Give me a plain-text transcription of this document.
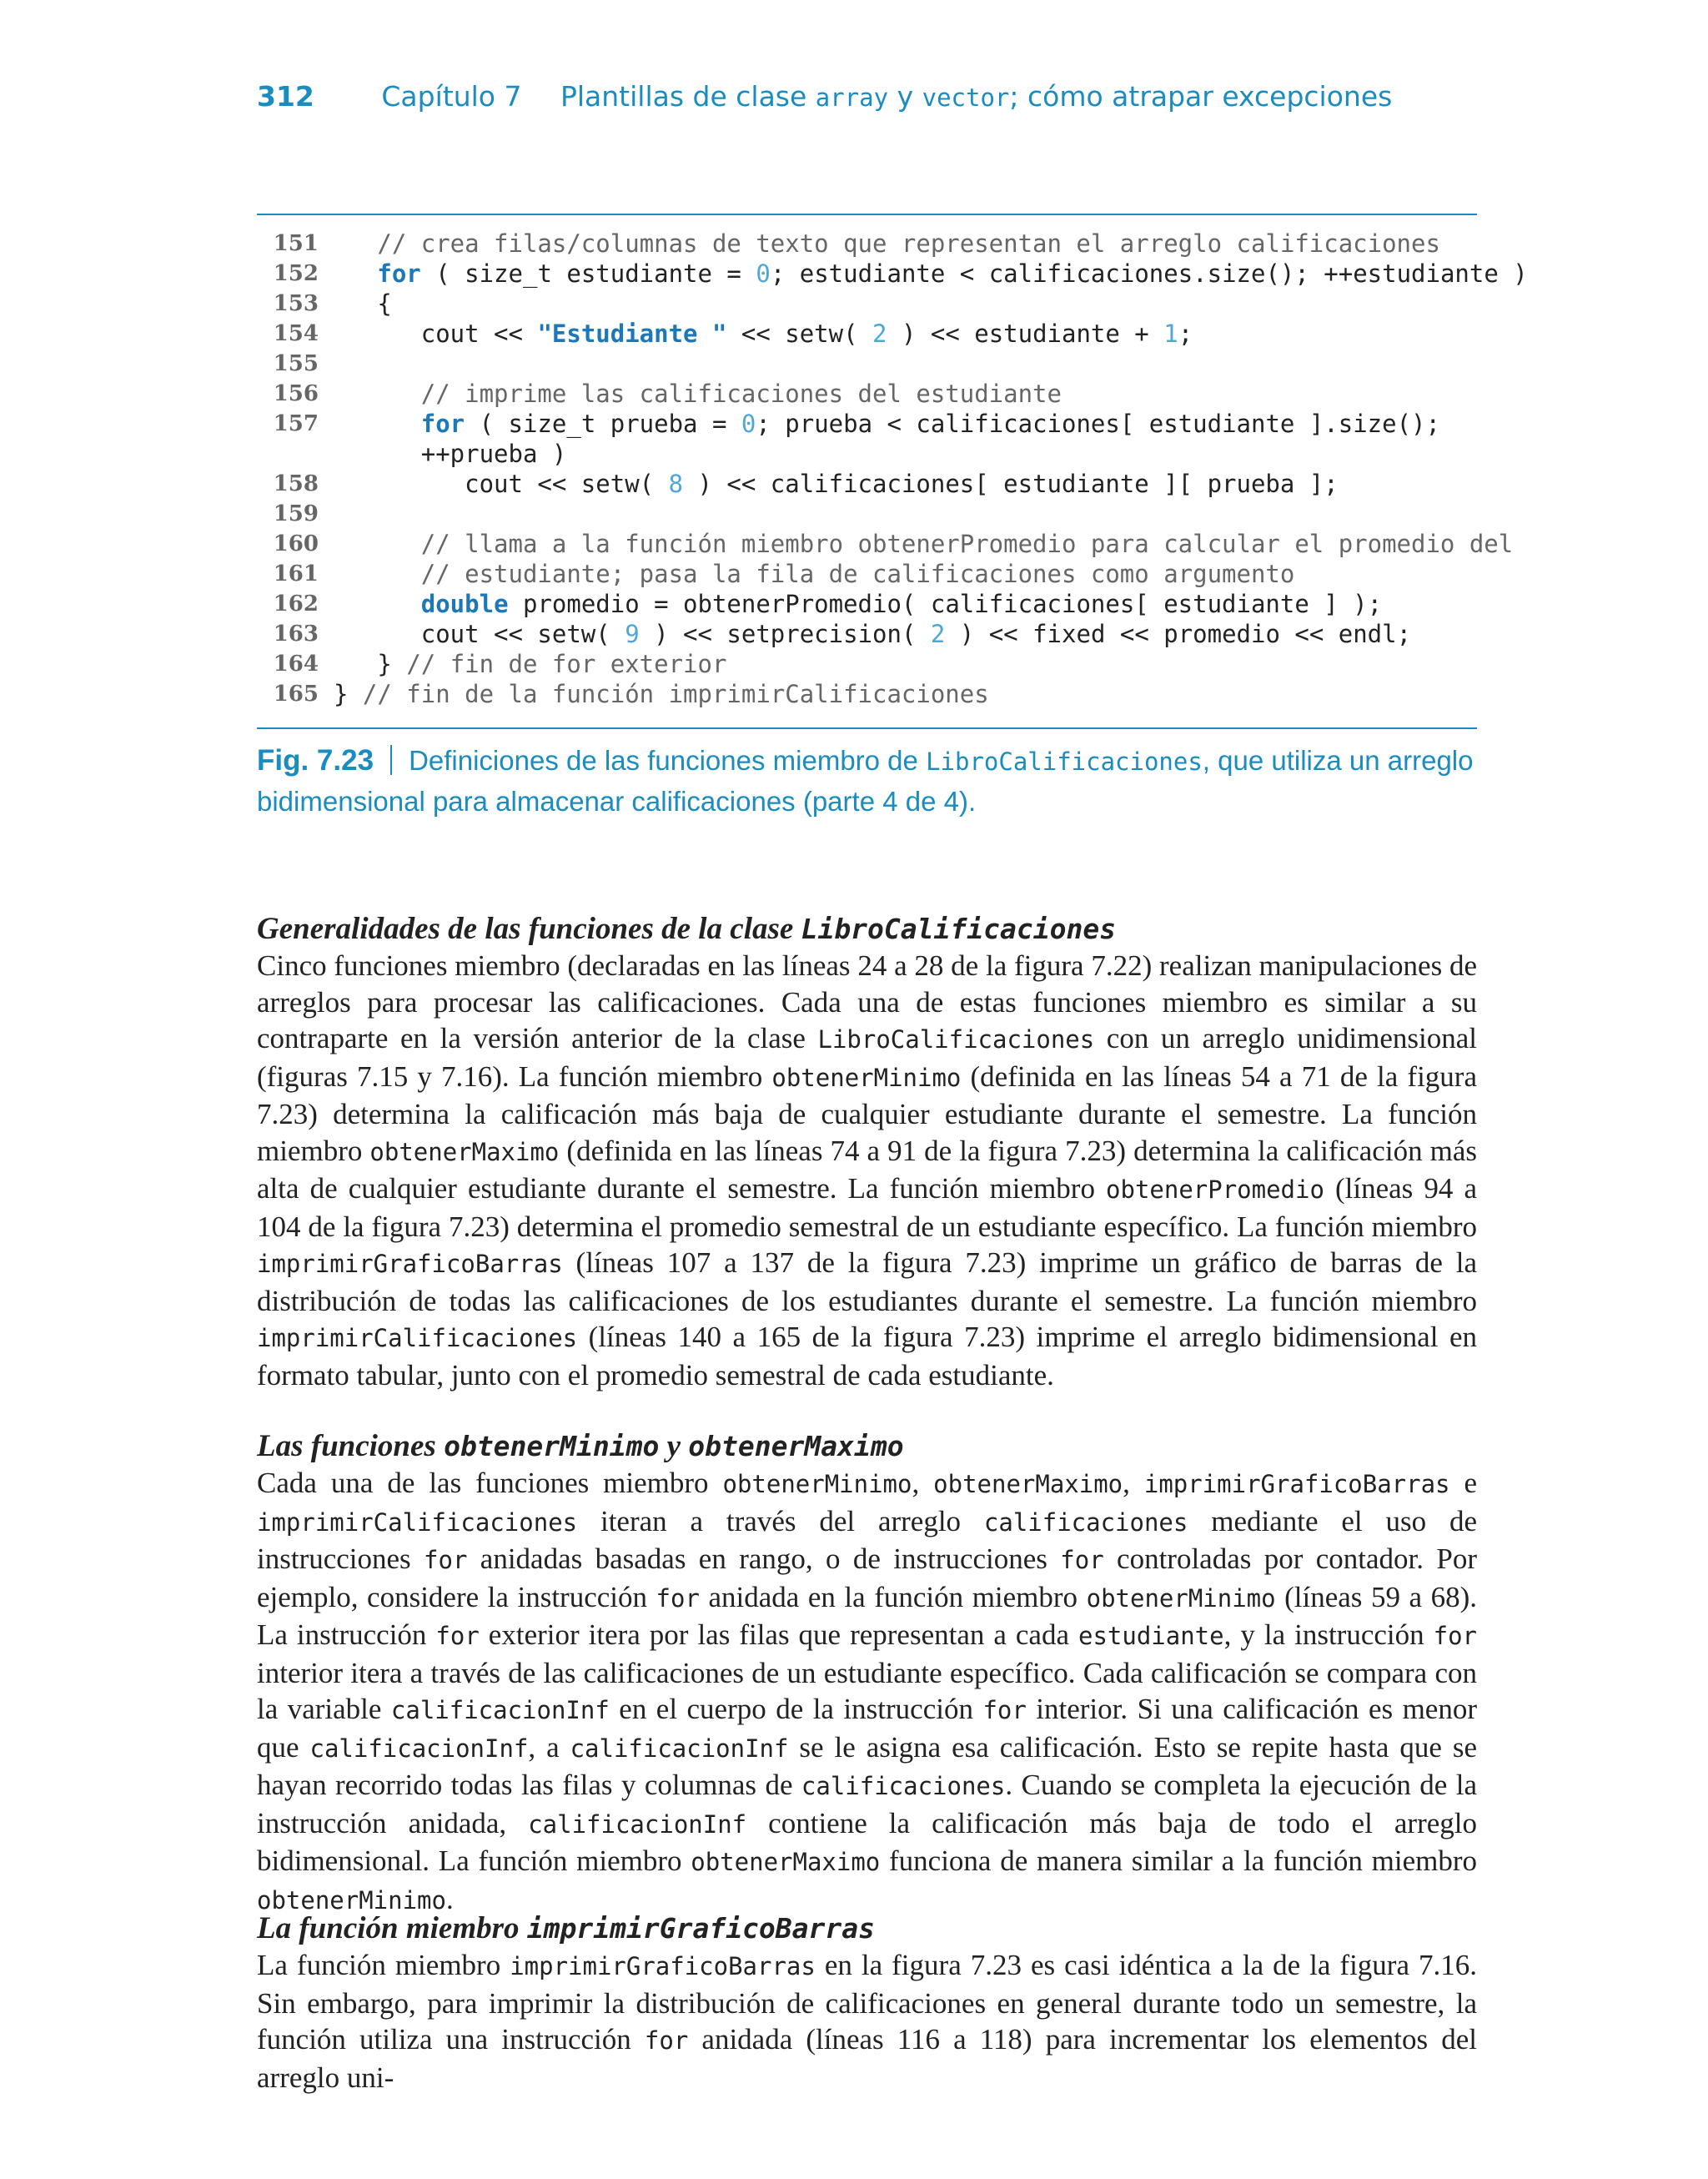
312 Capítulo 7 Plantillas de clase array y vector; cómo atrapar excepciones
151 // crea filas/columnas de texto que representan el arreglo calificaciones
152	for ( size_t estudiante = 0; estudiante < calificaciones.size(); ++estudiante )
153 {
154 cout << "Estudiante " << setw( 2 ) << estudiante + 1;
155
156 // imprime las calificaciones del estudiante
157	for ( size_t prueba = 0; prueba < calificaciones[ estudiante ].size();
++prueba )
158 cout << setw( 8 ) << calificaciones[ estudiante ][ prueba ];
159
160 // llama a la función miembro obtenerPromedio para calcular el promedio del
161 // estudiante; pasa la fila de calificaciones como argumento
162	double promedio = obtenerPromedio( calificaciones[ estudiante ] );
163 cout << setw( 9 ) << setprecision( 2 ) << fixed << promedio << endl;
164 } // fin de for exterior
165 } // fin de la función imprimirCalificaciones
Fig. 7.23 Definiciones de las funciones miembro de LibroCalificaciones, que utiliza un arreglo bidimensional para almacenar calificaciones (parte 4 de 4).
Generalidades de las funciones de la clase LibroCalificaciones

Cinco funciones miembro (declaradas en las líneas 24 a 28 de la figura 7.22) realizan manipulaciones de arreglos para procesar las calificaciones. Cada una de estas funciones miembro es similar a su contraparte en la versión anterior de la clase LibroCalificaciones con un arreglo unidimensional (figuras 7.15 y 7.16). La función miembro obtenerMinimo (definida en las líneas 54 a 71 de la figura 7.23) determina la calificación más baja de cualquier estudiante durante el semestre. La función miembro obtenerMaximo (definida en las líneas 74 a 91 de la figura 7.23) determina la calificación más alta de cualquier estudiante durante el semestre. La función miembro obtenerPromedio (líneas 94 a 104 de la figura 7.23) determina el promedio semestral de un estudiante específico. La función miembro imprimirGraficoBarras (líneas 107 a 137 de la figura 7.23) imprime un gráfico de barras de la distribución de todas las calificaciones de los estudiantes durante el semestre. La función miembro imprimirCalificaciones (líneas 140 a 165 de la figura 7.23) imprime el arreglo bidimensional en formato tabular, junto con el promedio semestral de cada estudiante.

Las funciones obtenerMinimo y obtenerMaximo

Cada una de las funciones miembro obtenerMinimo, obtenerMaximo, imprimirGraficoBarras e imprimirCalificaciones iteran a través del arreglo calificaciones mediante el uso de instrucciones for anidadas basadas en rango, o de instrucciones for controladas por contador. Por ejemplo, considere la instrucción for anidada en la función miembro obtenerMinimo (líneas 59 a 68). La instrucción for exterior itera por las filas que representan a cada estudiante, y la instrucción for interior itera a través de las calificaciones de un estudiante específico. Cada calificación se compara con la variable calificacionInf en el cuerpo de la instrucción for interior. Si una calificación es menor que calificacionInf, a calificacionInf se le asigna esa calificación. Esto se repite hasta que se hayan recorrido todas las filas y columnas de calificaciones. Cuando se completa la ejecución de la instrucción anidada, calificacionInf contiene la calificación más baja de todo el arreglo bidimensional. La función miembro obtenerMaximo funciona de manera similar a la función miembro obtenerMinimo.

La función miembro imprimirGraficoBarras

La función miembro imprimirGraficoBarras en la figura 7.23 es casi idéntica a la de la figura 7.16. Sin embargo, para imprimir la distribución de calificaciones en general durante todo un semestre, la función utiliza una instrucción for anidada (líneas 116 a 118) para incrementar los elementos del arreglo uni-
